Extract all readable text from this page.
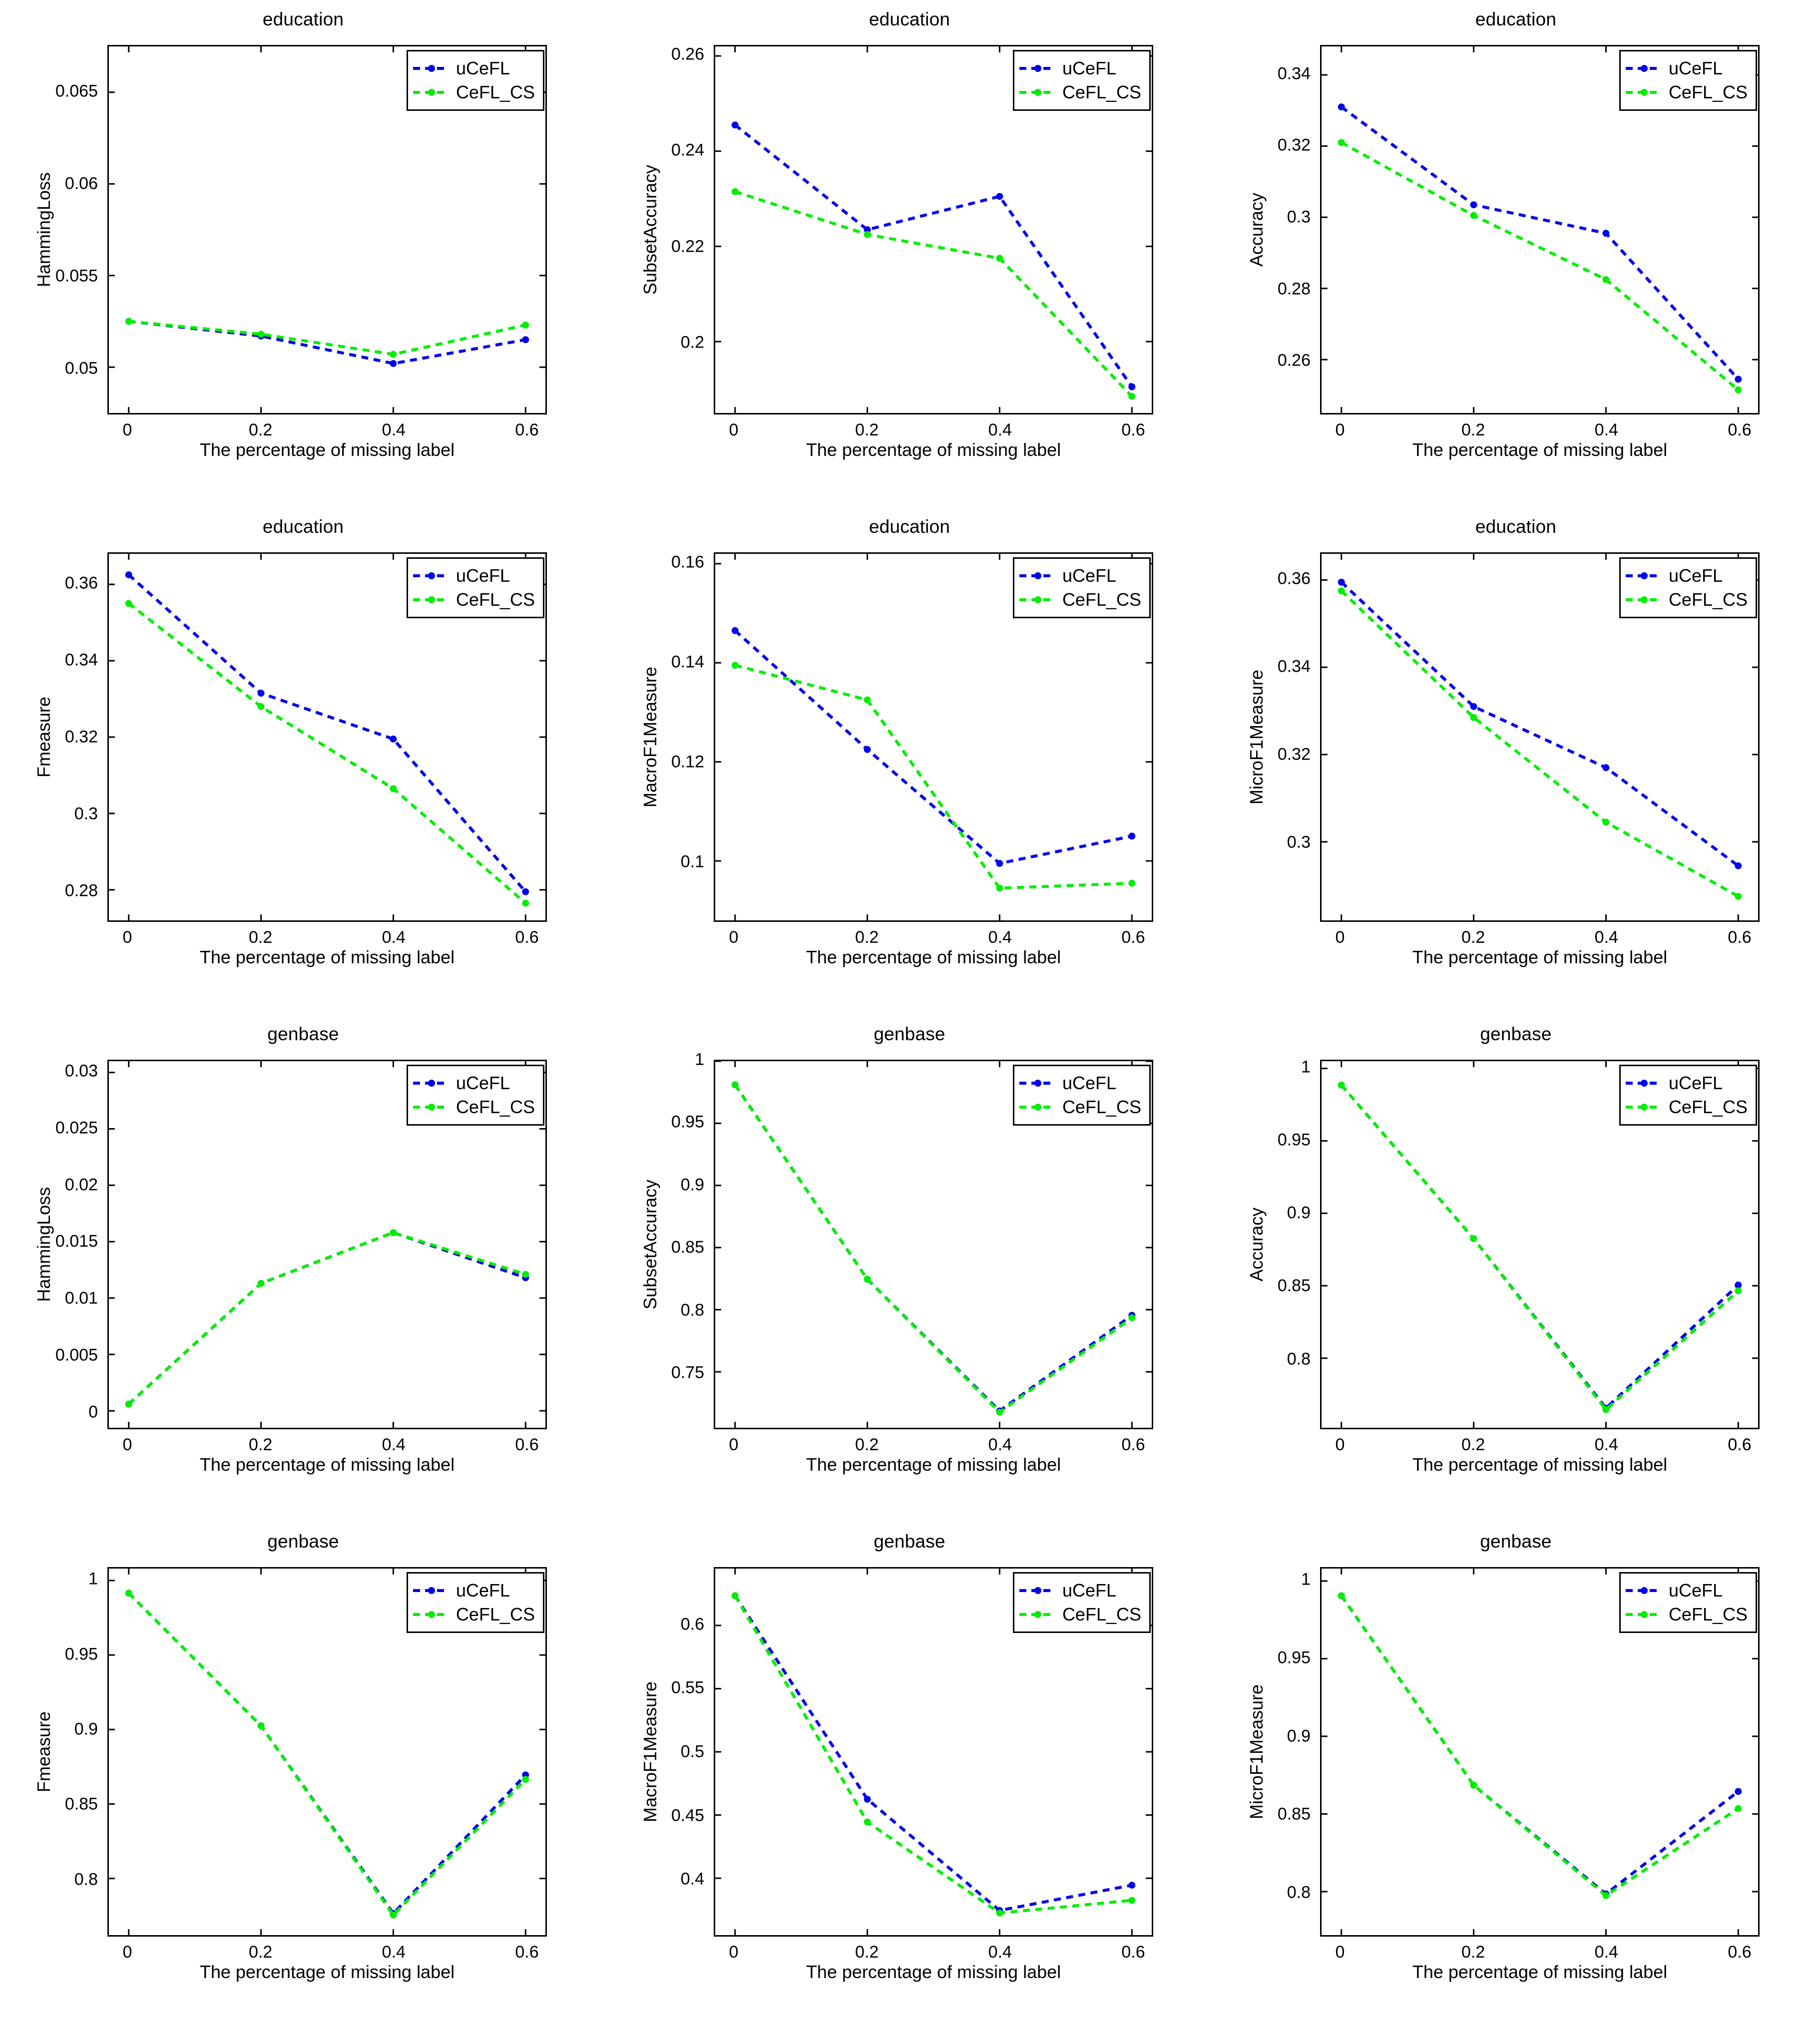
education
0.05
0.055
0.06
0.065
0	0.2	0.4	0.6
The percentage of missing label
HammingLoss
uCeFL
CeFL_CS
education
0.2
0.22
0.24
0.26
0	0.2	0.4	0.6
The percentage of missing label
SubsetAccuracy
uCeFL
CeFL_CS
education
0.26
0.28
0.3
0.32
0.34
0	0.2	0.4	0.6
The percentage of missing label
Accuracy
uCeFL
CeFL_CS
education
0.28
0.3
0.32
0.34
0.36
0	0.2	0.4	0.6
The percentage of missing label
Fmeasure
uCeFL
CeFL_CS
education
0.1
0.12
0.14
0.16
0	0.2	0.4	0.6
The percentage of missing label
MacroF1Measure
uCeFL
CeFL_CS
education
0.3
0.32
0.34
0.36
0	0.2	0.4	0.6
The percentage of missing label
MicroF1Measure
uCeFL
CeFL_CS
genbase
0
0.005
0.01
0.015
0.02
0.025
0.03
0	0.2	0.4	0.6
The percentage of missing label
HammingLoss
uCeFL
CeFL_CS
genbase
0.75
0.8
0.85
0.9
0.95
1
0	0.2	0.4	0.6
The percentage of missing label
SubsetAccuracy
uCeFL
CeFL_CS
genbase
0.8
0.85
0.9
0.95
1
0	0.2	0.4	0.6
The percentage of missing label
Accuracy
uCeFL
CeFL_CS
genbase
0.8
0.85
0.9
0.95
1
0	0.2	0.4	0.6
The percentage of missing label
Fmeasure
uCeFL
CeFL_CS
genbase
0.4
0.45
0.5
0.55
0.6
0	0.2	0.4	0.6
The percentage of missing label
MacroF1Measure
uCeFL
CeFL_CS
genbase
0.8
0.85
0.9
0.95
1
0	0.2	0.4	0.6
The percentage of missing label
MicroF1Measure
uCeFL
CeFL_CS
